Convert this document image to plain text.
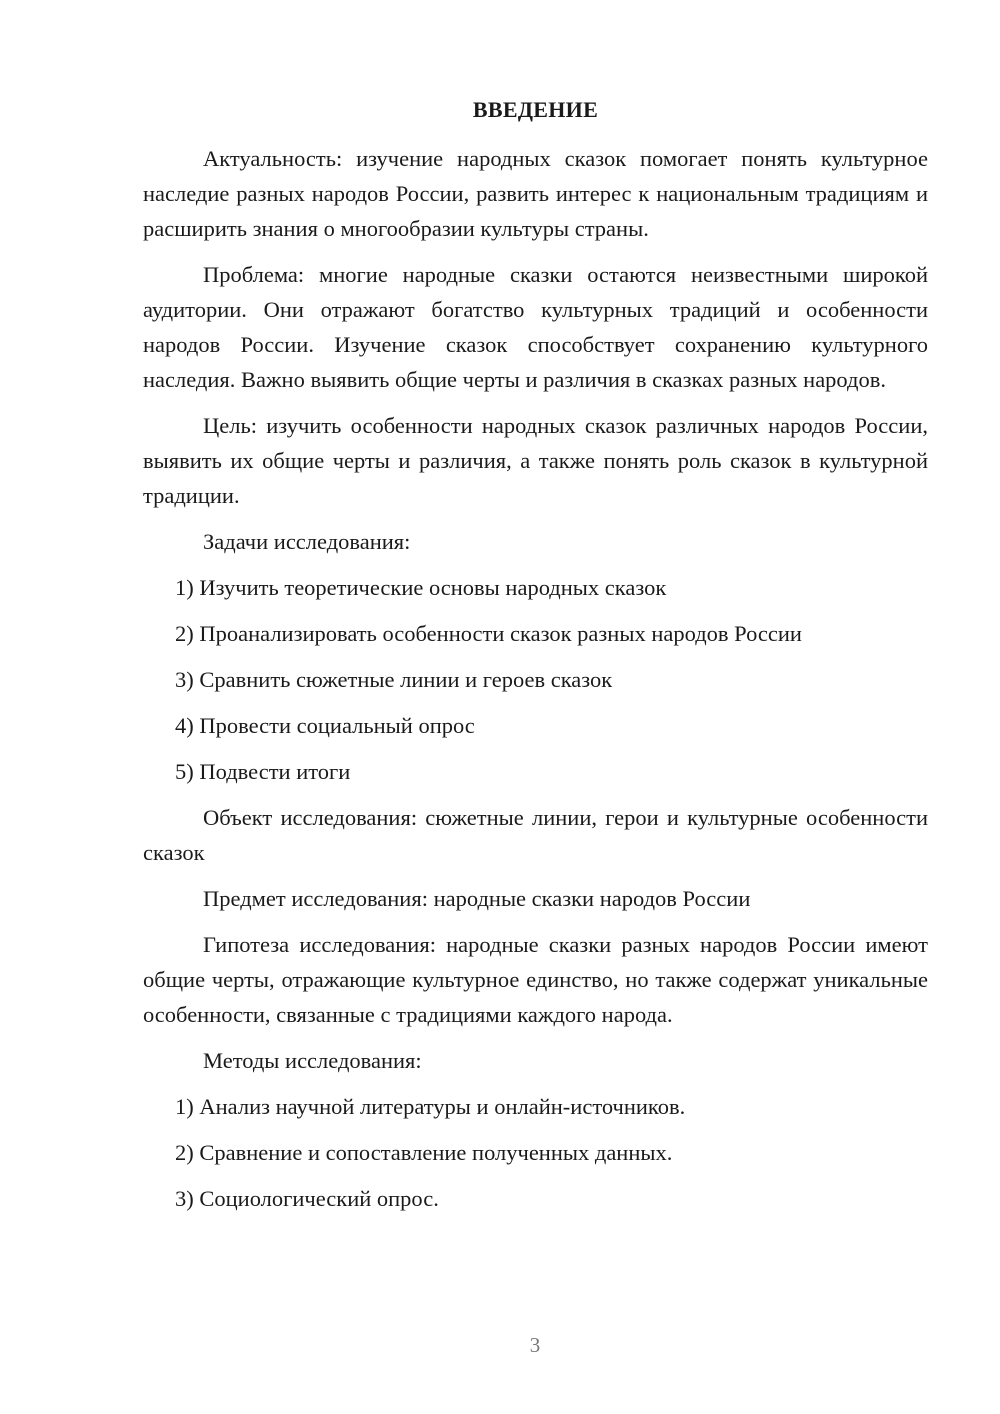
ВВЕДЕНИЕ

Актуальность: изучение народных сказок помогает понять культурное наследие разных народов России, развить интерес к национальным традициям и расширить знания о многообразии культуры страны.

Проблема: многие народные сказки остаются неизвестными широкой аудитории. Они отражают богатство культурных традиций и особенности народов России. Изучение сказок способствует сохранению культурного наследия. Важно выявить общие черты и различия в сказках разных народов.

Цель: изучить особенности народных сказок различных народов России, выявить их общие черты и различия, а также понять роль сказок в культурной традиции.

Задачи исследования:

1) Изучить теоретические основы народных сказок
2) Проанализировать особенности сказок разных народов России
3) Сравнить сюжетные линии и героев сказок
4) Провести социальный опрос
5) Подвести итоги

Объект исследования: сюжетные линии, герои и культурные особенности сказок

Предмет исследования: народные сказки народов России

Гипотеза исследования: народные сказки разных народов России имеют общие черты, отражающие культурное единство, но также содержат уникальные особенности, связанные с традициями каждого народа.

Методы исследования:

1) Анализ научной литературы и онлайн-источников.
2) Сравнение и сопоставление полученных данных.
3) Социологический опрос.
3
